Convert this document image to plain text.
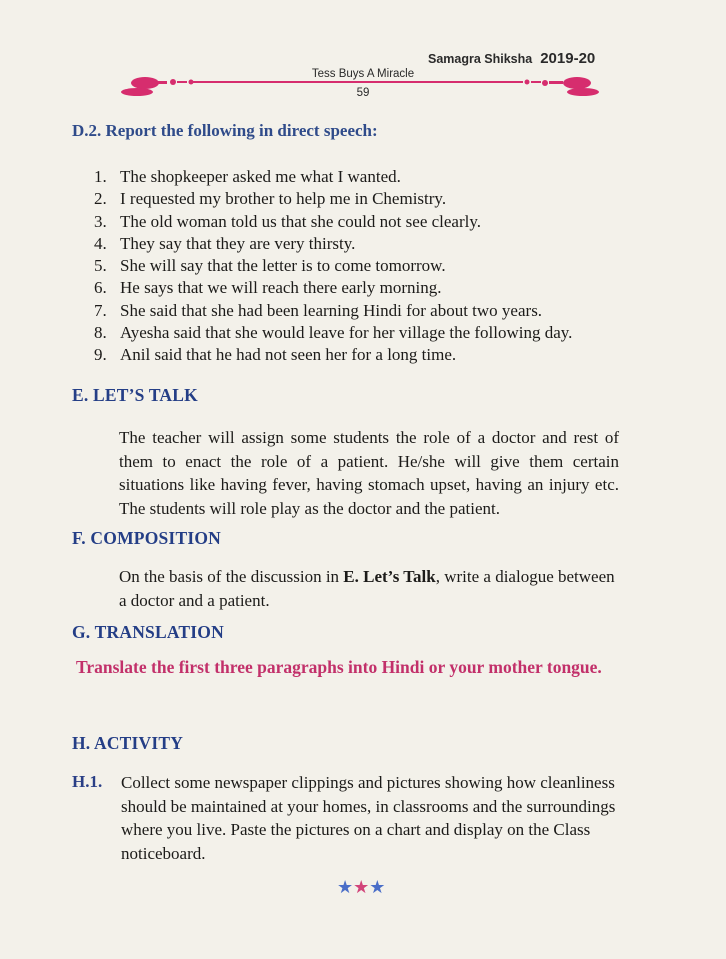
Samagra Shiksha 2019-20
Tess Buys A Miracle
59
D.2. Report the following in direct speech:
1. The shopkeeper asked me what I wanted.
2. I requested my brother to help me in Chemistry.
3. The old woman told us that she could not see clearly.
4. They say that they are very thirsty.
5. She will say that the letter is to come tomorrow.
6. He says that we will reach there early morning.
7. She said that she had been learning Hindi for about two years.
8. Ayesha said that she would leave for her village the following day.
9. Anil said that he had not seen her for a long time.
E. LET’S TALK
The teacher will assign some students the role of a doctor and rest of them to enact the role of a patient. He/she will give them certain situations like having fever, having stomach upset, having an injury etc. The students will role play as the doctor and the patient.
F. COMPOSITION
On the basis of the discussion in E. Let’s Talk, write a dialogue between a doctor and a patient.
G. TRANSLATION
Translate the first three paragraphs into Hindi or your mother tongue.
H. ACTIVITY
H.1. Collect some newspaper clippings and pictures showing how cleanliness should be maintained at your homes, in classrooms and the surroundings where you live. Paste the pictures on a chart and display on the Class noticeboard.
★★★
